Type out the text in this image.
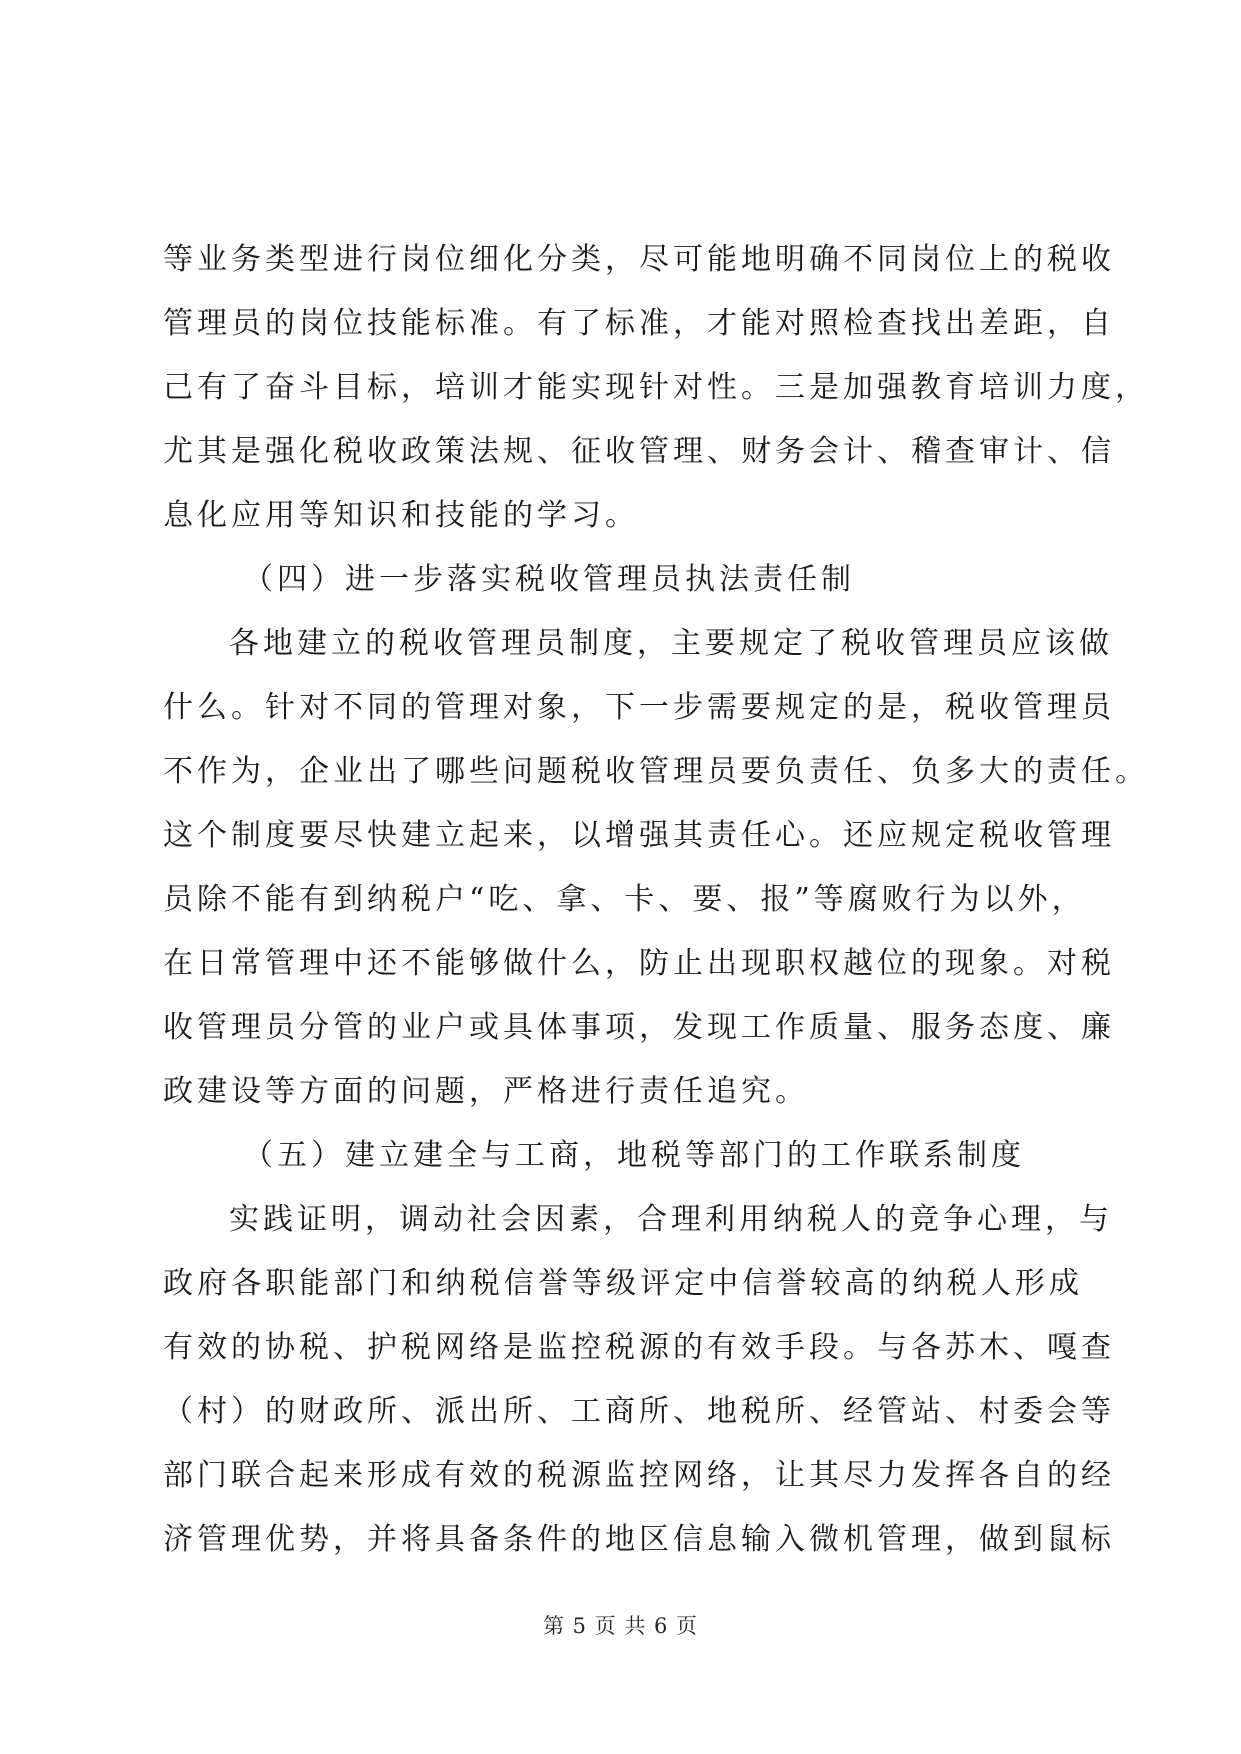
等业务类型进行岗位细化分类，尽可能地明确不同岗位上的税收
管理员的岗位技能标准。有了标准，才能对照检查找出差距，自
己有了奋斗目标，培训才能实现针对性。三是加强教育培训力度，
尤其是强化税收政策法规、征收管理、财务会计、稽查审计、信
息化应用等知识和技能的学习。
（四）进一步落实税收管理员执法责任制
各地建立的税收管理员制度，主要规定了税收管理员应该做
什么。针对不同的管理对象，下一步需要规定的是，税收管理员
不作为，企业出了哪些问题税收管理员要负责任、负多大的责任。
这个制度要尽快建立起来，以增强其责任心。还应规定税收管理
员除不能有到纳税户“吃、拿、卡、要、报”等腐败行为以外，
在日常管理中还不能够做什么，防止出现职权越位的现象。对税
收管理员分管的业户或具体事项，发现工作质量、服务态度、廉
政建设等方面的问题，严格进行责任追究。
（五）建立建全与工商，地税等部门的工作联系制度
实践证明，调动社会因素，合理利用纳税人的竞争心理，与
政府各职能部门和纳税信誉等级评定中信誉较高的纳税人形成
有效的协税、护税网络是监控税源的有效手段。与各苏木、嘎查
（村）的财政所、派出所、工商所、地税所、经管站、村委会等
部门联合起来形成有效的税源监控网络，让其尽力发挥各自的经
济管理优势，并将具备条件的地区信息输入微机管理，做到鼠标
第 5 页 共 6 页
